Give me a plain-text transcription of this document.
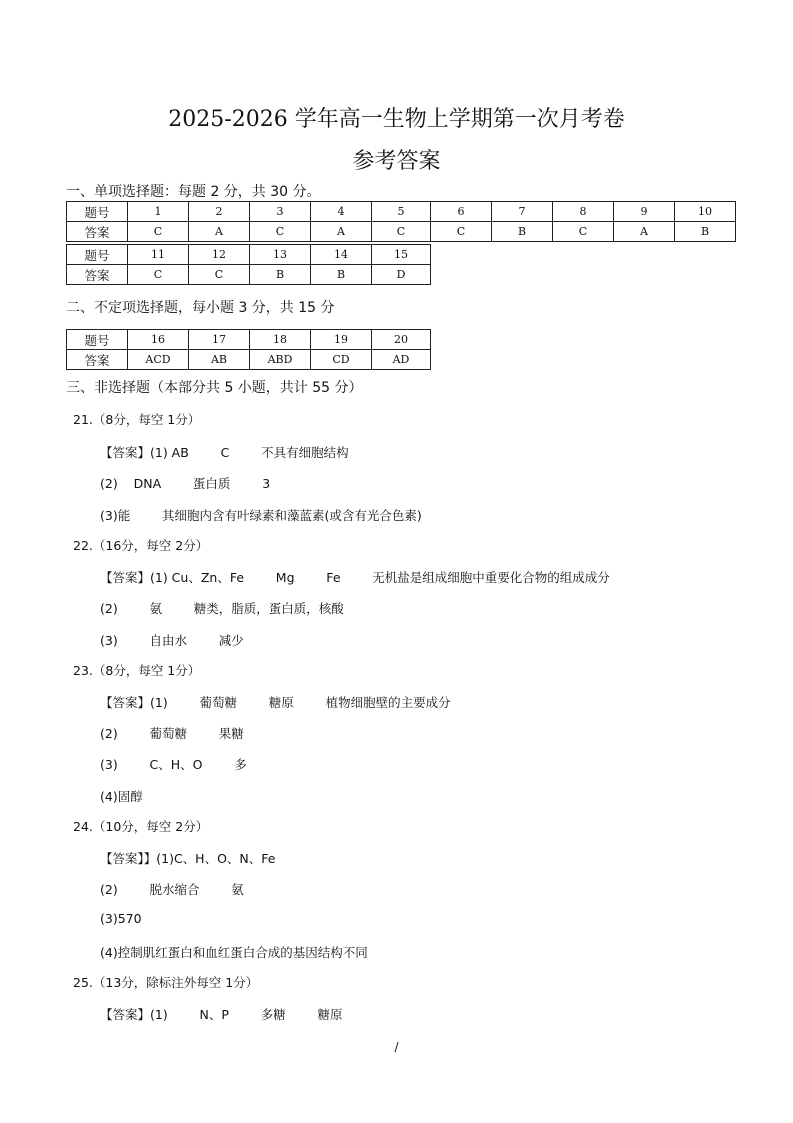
2025-2026 学年高一生物上学期第一次月考卷
参考答案
一、单项选择题：每题 2 分，共 30 分。
题号	1	2	3	4	5	6	7	8	9	10
答案	C	A	C	A	C	C	B	C	A	B
题号	11	12	13	14	15
答案	C	C	B	B	D
二、不定项选择题，每小题 3 分，共 15 分
题号	16	17	18	19	20
答案	ACD	AB	ABD	CD	AD
三、非选择题（本部分共 5 小题，共计 55 分）
21.（8分，每空 1分）
【答案】(1) AB        C        不具有细胞结构
(2)    DNA        蛋白质        3
(3)能        其细胞内含有叶绿素和藻蓝素(或含有光合色素)
22.（16分，每空 2分）
【答案】(1) Cu、Zn、Fe        Mg        Fe        无机盐是组成细胞中重要化合物的组成成分
(2)        氨        糖类，脂质，蛋白质，核酸
(3)        自由水        减少
23.（8分，每空 1分）
【答案】(1)        葡萄糖        糖原        植物细胞壁的主要成分
(2)        葡萄糖        果糖
(3)        C、H、O        多
(4)固醇
24.（10分，每空 2分）
【答案】】(1)C、H、O、N、Fe
(2)        脱水缩合        氨
(3)570
(4)控制肌红蛋白和血红蛋白合成的基因结构不同
25.（13分，除标注外每空 1分）
【答案】(1)        N、P        多糖        糖原
/
